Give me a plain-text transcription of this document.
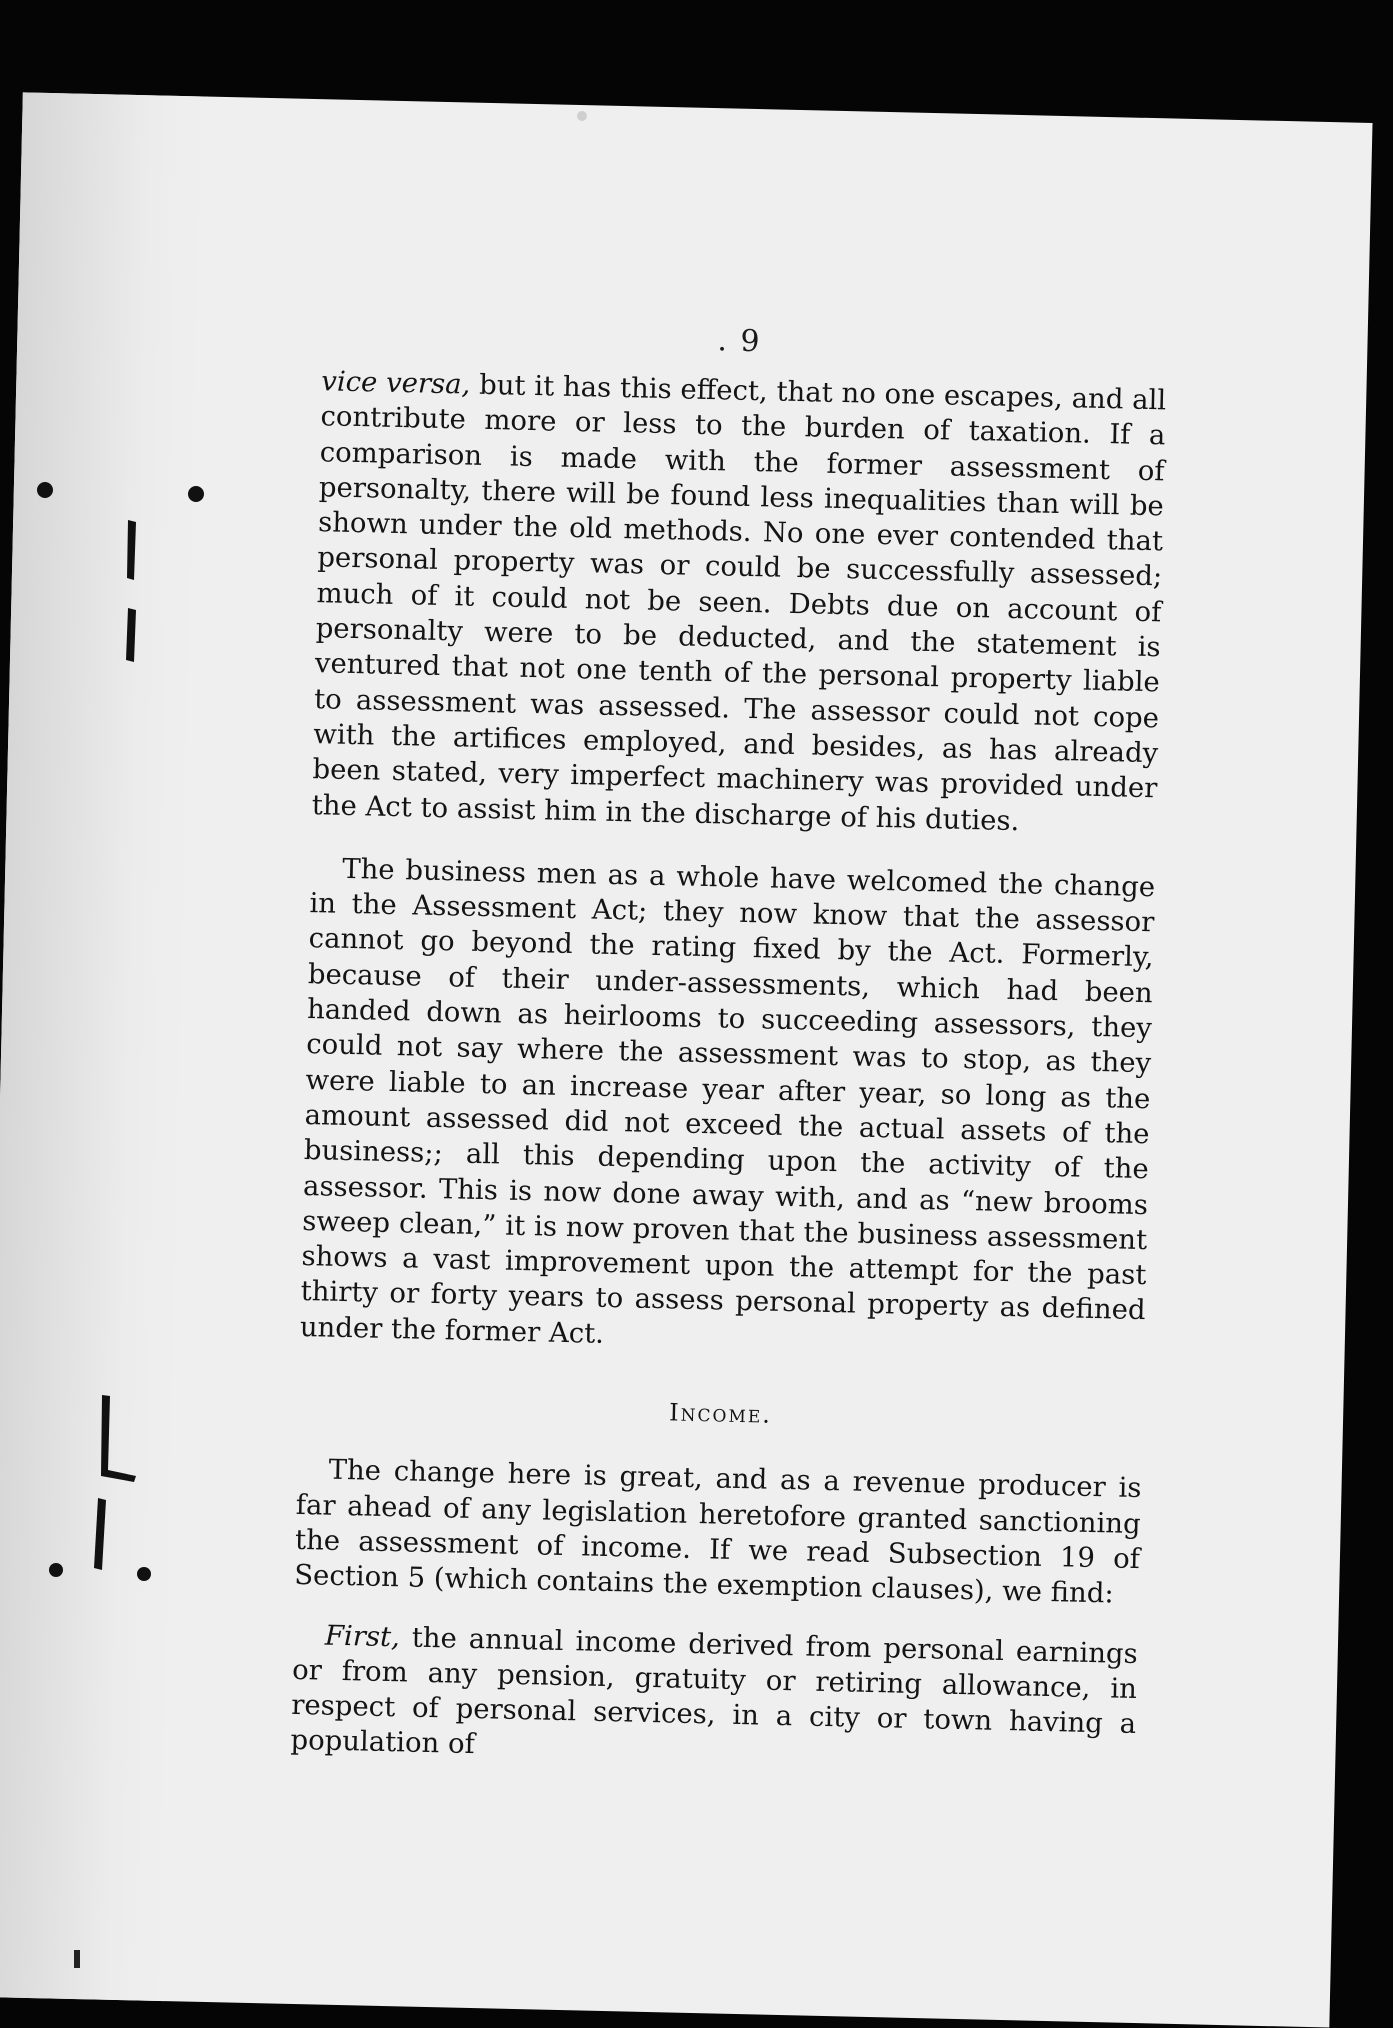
. 9

vice versa, but it has this effect, that no one escapes, and all contribute more or less to the burden of taxation. If a comparison is made with the former assessment of personalty, there will be found less inequalities than will be shown under the old methods. No one ever contended that personal property was or could be successfully assessed; much of it could not be seen. Debts due on account of personalty were to be deducted, and the statement is ventured that not one tenth of the personal property liable to assessment was assessed. The assessor could not cope with the artifices employed, and besides, as has already been stated, very imperfect machinery was provided under the Act to assist him in the discharge of his duties.

The business men as a whole have welcomed the change in the Assessment Act; they now know that the assessor cannot go beyond the rating fixed by the Act. Formerly, because of their under-assessments, which had been handed down as heirlooms to succeeding assessors, they could not say where the assessment was to stop, as they were liable to an increase year after year, so long as the amount assessed did not exceed the actual assets of the business;; all this depending upon the activity of the assessor. This is now done away with, and as “new brooms sweep clean,” it is now proven that the business assessment shows a vast improvement upon the attempt for the past thirty or forty years to assess personal property as defined under the former Act.

Income.

The change here is great, and as a revenue producer is far ahead of any legislation heretofore granted sanctioning the assessment of income. If we read Subsection 19 of Section 5 (which contains the exemption clauses), we find:

First, the annual income derived from personal earnings or from any pension, gratuity or retiring allowance, in respect of personal services, in a city or town having a population of
